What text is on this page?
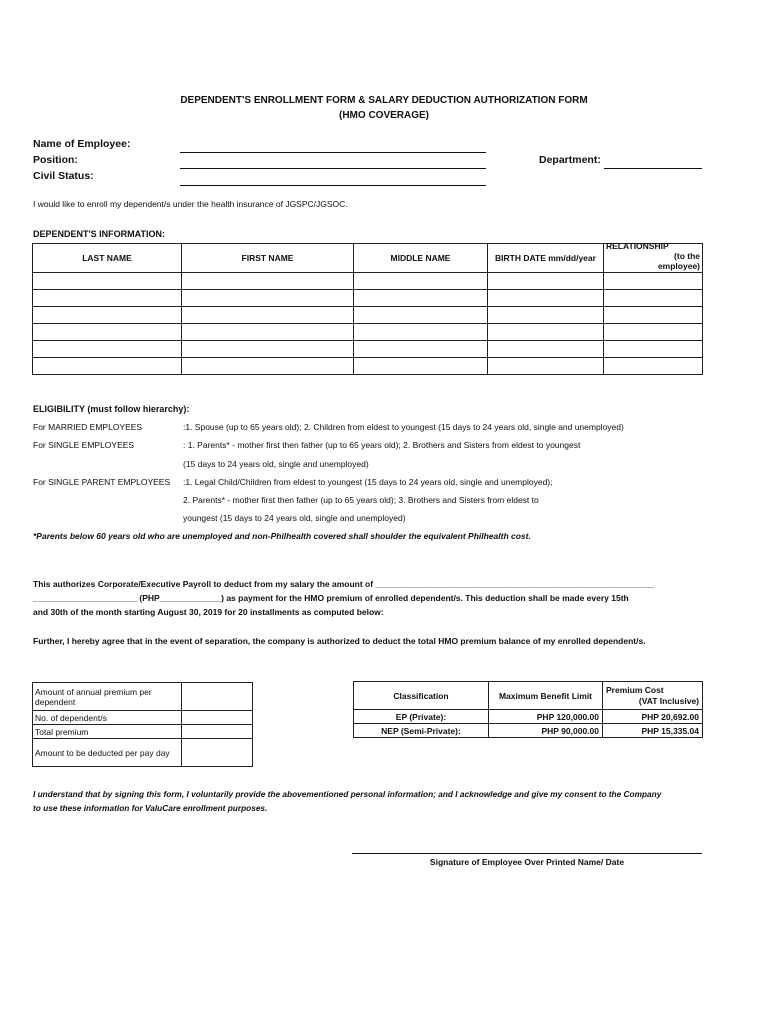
DEPENDENT'S ENROLLMENT FORM & SALARY DEDUCTION AUTHORIZATION FORM
(HMO COVERAGE)
Name of Employee:
Position:
Civil Status:
Department:
I would like to enroll my dependent/s under the health insurance of JGSPC/JGSOC.
DEPENDENT'S INFORMATION:
LAST NAME	FIRST NAME	MIDDLE NAME	BIRTH DATE mm/dd/year	RELATIONSHIP
(to the
employee)

ELIGIBILITY (must follow hierarchy):
For MARRIED EMPLOYEES	:1. Spouse (up to 65 years old); 2. Children from eldest to youngest (15 days to 24 years old, single and unemployed)
For SINGLE EMPLOYEES	: 1. Parents* - mother first then father (up to 65 years old); 2. Brothers and Sisters from eldest to youngest
(15 days to 24 years old, single and unemployed)
For SINGLE PARENT EMPLOYEES :1. Legal Child/Children from eldest to youngest (15 days to 24 years old, single and unemployed);
2. Parents* - mother first then father (up to 65 years old); 3. Brothers and Sisters from eldest to
youngest (15 days to 24 years old, single and unemployed)
*Parents below 60 years old who are unemployed and non-Philhealth covered shall shoulder the equivalent Philhealth cost.
This authorizes Corporate/Executive Payroll to deduct from my salary the amount of ___________________________________________________________
______________________ (PHP_____________) as payment for the HMO premium of enrolled dependent/s. This deduction shall be made every 15th
and 30th of the month starting August 30, 2019 for 20 installments as computed below:
Further, I hereby agree that in the event of separation, the company is authorized to deduct the total HMO premium balance of my enrolled dependent/s.
Amount of annual premium per dependent	
No. of dependent/s	
Total premium	
Amount to be deducted per pay day	
Classification	Maximum Benefit Limit	Premium Cost
(VAT Inclusive)

EP (Private):	PHP 120,000.00	PHP 20,692.00
NEP (Semi-Private):	PHP 90,000.00	PHP 15,335.04
I understand that by signing this form, I voluntarily provide the abovementioned personal information; and I acknowledge and give my consent to the Company
to use these information for ValuCare enrollment purposes.
Signature of Employee Over Printed Name/ Date
